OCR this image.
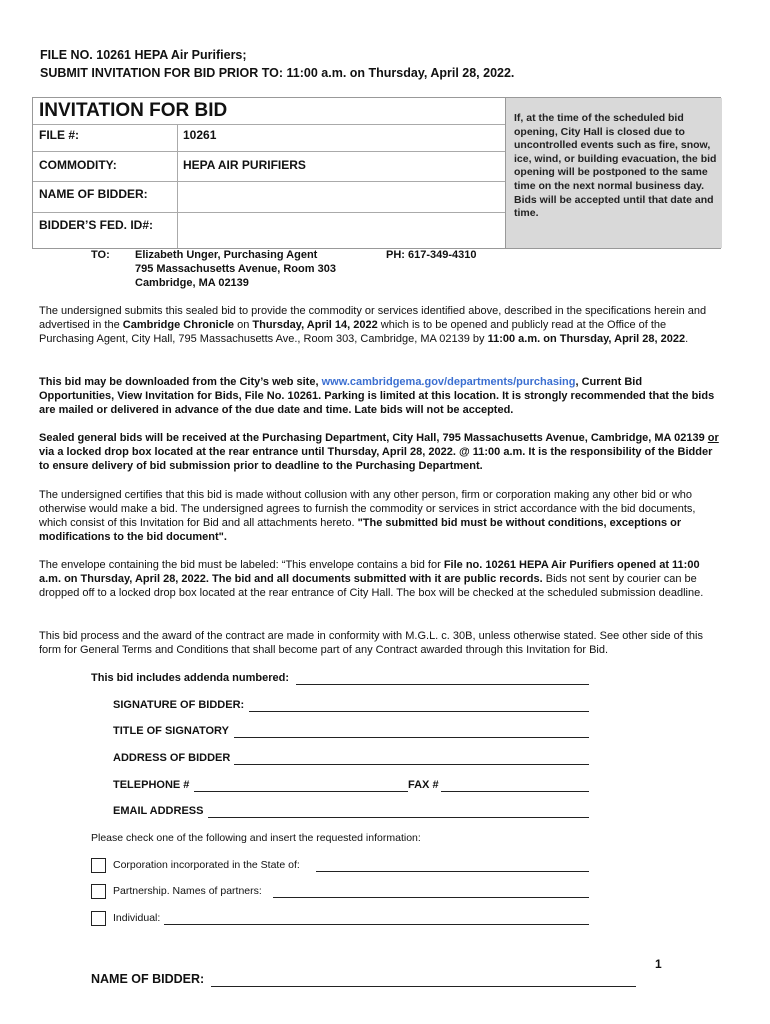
FILE NO. 10261 HEPA Air Purifiers;
SUBMIT INVITATION FOR BID PRIOR TO: 11:00 a.m. on Thursday, April 28, 2022.
INVITATION FOR BID
FILE #:	10261
COMMODITY:	HEPA AIR PURIFIERS
NAME OF BIDDER:
BIDDER’S FED. ID#:

If, at the time of the scheduled bid opening, City Hall is closed due to uncontrolled events such as fire, snow, ice, wind, or building evacuation, the bid opening will be postponed to the same time on the next normal business day. Bids will be accepted until that date and time.

TO: Elizabeth Unger, Purchasing Agent
795 Massachusetts Avenue, Room 303
Cambridge, MA 02139
PH: 617-349-4310
The undersigned submits this sealed bid to provide the commodity or services identified above, described in the specifications herein and advertised in the Cambridge Chronicle on Thursday, April 14, 2022 which is to be opened and publicly read at the Office of the Purchasing Agent, City Hall, 795 Massachusetts Ave., Room 303, Cambridge, MA 02139 by 11:00 a.m. on Thursday, April 28, 2022.
This bid may be downloaded from the City’s web site, www.cambridgema.gov/departments/purchasing, Current Bid Opportunities, View Invitation for Bids, File No. 10261. Parking is limited at this location. It is strongly recommended that the bids are mailed or delivered in advance of the due date and time. Late bids will not be accepted.
Sealed general bids will be received at the Purchasing Department, City Hall, 795 Massachusetts Avenue, Cambridge, MA 02139 or via a locked drop box located at the rear entrance until Thursday, April 28, 2022. @ 11:00 a.m. It is the responsibility of the Bidder to ensure delivery of bid submission prior to deadline to the Purchasing Department.
The undersigned certifies that this bid is made without collusion with any other person, firm or corporation making any other bid or who otherwise would make a bid. The undersigned agrees to furnish the commodity or services in strict accordance with the bid documents, which consist of this Invitation for Bid and all attachments hereto. "The submitted bid must be without conditions, exceptions or modifications to the bid document".
The envelope containing the bid must be labeled: “This envelope contains a bid for File no. 10261 HEPA Air Purifiers opened at 11:00 a.m. on Thursday, April 28, 2022. The bid and all documents submitted with it are public records. Bids not sent by courier can be dropped off to a locked drop box located at the rear entrance of City Hall. The box will be checked at the scheduled submission deadline.
This bid process and the award of the contract are made in conformity with M.G.L. c. 30B, unless otherwise stated. See other side of this form for General Terms and Conditions that shall become part of any Contract awarded through this Invitation for Bid.
This bid includes addenda numbered:
SIGNATURE OF BIDDER:
TITLE OF SIGNATORY
ADDRESS OF BIDDER
TELEPHONE #	FAX #
EMAIL ADDRESS
Please check one of the following and insert the requested information:
Corporation incorporated in the State of:
Partnership. Names of partners:
Individual:
1
NAME OF BIDDER:
